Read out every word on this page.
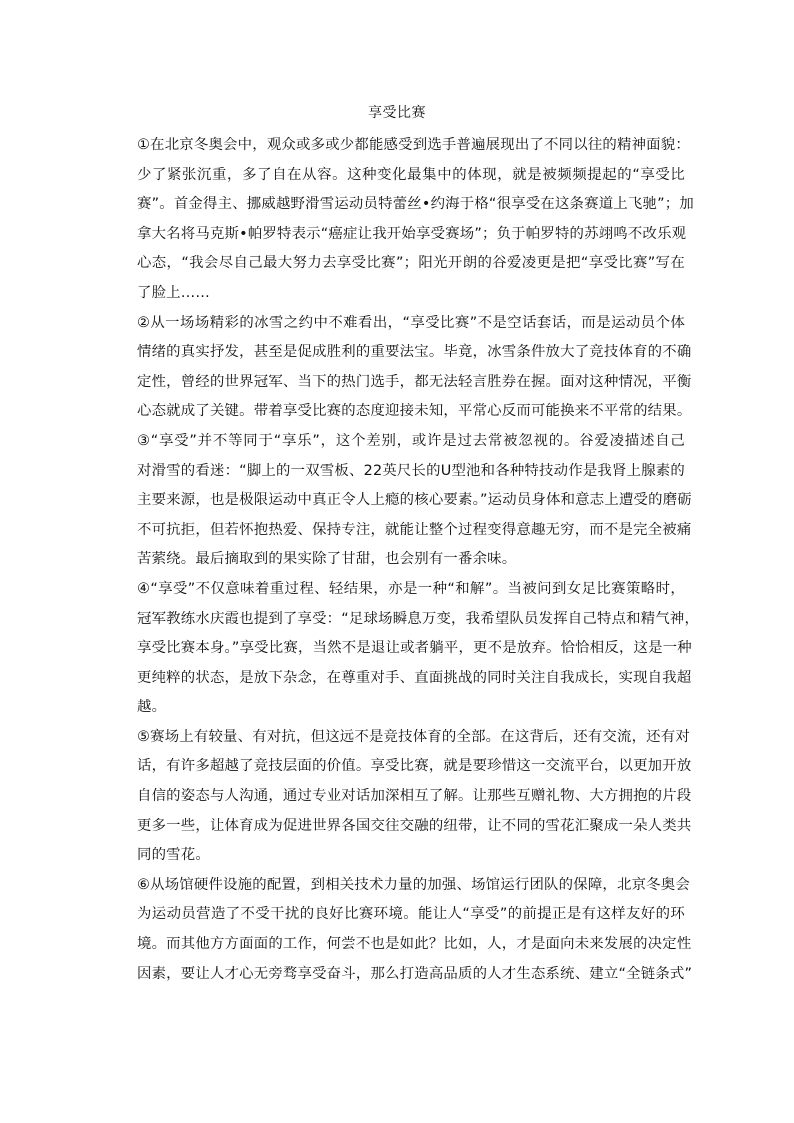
享受比赛
①在北京冬奥会中，观众或多或少都能感受到选手普遍展现出了不同以往的精神面貌：
少了紧张沉重，多了自在从容。这种变化最集中的体现，就是被频频提起的“享受比
赛”。首金得主、挪威越野滑雪运动员特蕾丝•约海于格“很享受在这条赛道上飞驰”；加
拿大名将马克斯•帕罗特表示“癌症让我开始享受赛场”；负于帕罗特的苏翊鸣不改乐观
心态，“我会尽自己最大努力去享受比赛”；阳光开朗的谷爱凌更是把“享受比赛”写在
了脸上……
②从一场场精彩的冰雪之约中不难看出，“享受比赛”不是空话套话，而是运动员个体
情绪的真实抒发，甚至是促成胜利的重要法宝。毕竟，冰雪条件放大了竞技体育的不确
定性，曾经的世界冠军、当下的热门选手，都无法轻言胜券在握。面对这种情况，平衡
心态就成了关键。带着享受比赛的态度迎接未知，平常心反而可能换来不平常的结果。
③“享受”并不等同于“享乐”，这个差别，或许是过去常被忽视的。谷爱凌描述自己
对滑雪的看迷：“脚上的一双雪板、22英尺长的U型池和各种特技动作是我肾上腺素的
主要来源，也是极限运动中真正令人上瘾的核心要素。”运动员身体和意志上遭受的磨砺
不可抗拒，但若怀抱热爱、保持专注，就能让整个过程变得意趣无穷，而不是完全被痛
苦萦绕。最后摘取到的果实除了甘甜，也会别有一番余味。
④“享受”不仅意味着重过程、轻结果，亦是一种“和解”。当被问到女足比赛策略时，
冠军教练水庆霞也提到了享受：“足球场瞬息万变，我希望队员发挥自己特点和精气神，
享受比赛本身。”享受比赛，当然不是退让或者躺平，更不是放弃。恰恰相反，这是一种
更纯粹的状态，是放下杂念，在尊重对手、直面挑战的同时关注自我成长，实现自我超
越。
⑤赛场上有较量、有对抗，但这远不是竞技体育的全部。在这背后，还有交流，还有对
话，有许多超越了竞技层面的价值。享受比赛，就是要珍惜这一交流平台，以更加开放
自信的姿态与人沟通，通过专业对话加深相互了解。让那些互赠礼物、大方拥抱的片段
更多一些，让体育成为促进世界各国交往交融的纽带，让不同的雪花汇聚成一朵人类共
同的雪花。
⑥从场馆硬件设施的配置，到相关技术力量的加强、场馆运行团队的保障，北京冬奥会
为运动员营造了不受干扰的良好比赛环境。能让人“享受”的前提正是有这样友好的环
境。而其他方方面面的工作，何尝不也是如此？比如，人，才是面向未来发展的决定性
因素，要让人才心无旁骛享受奋斗，那么打造高品质的人才生态系统、建立“全链条式”
